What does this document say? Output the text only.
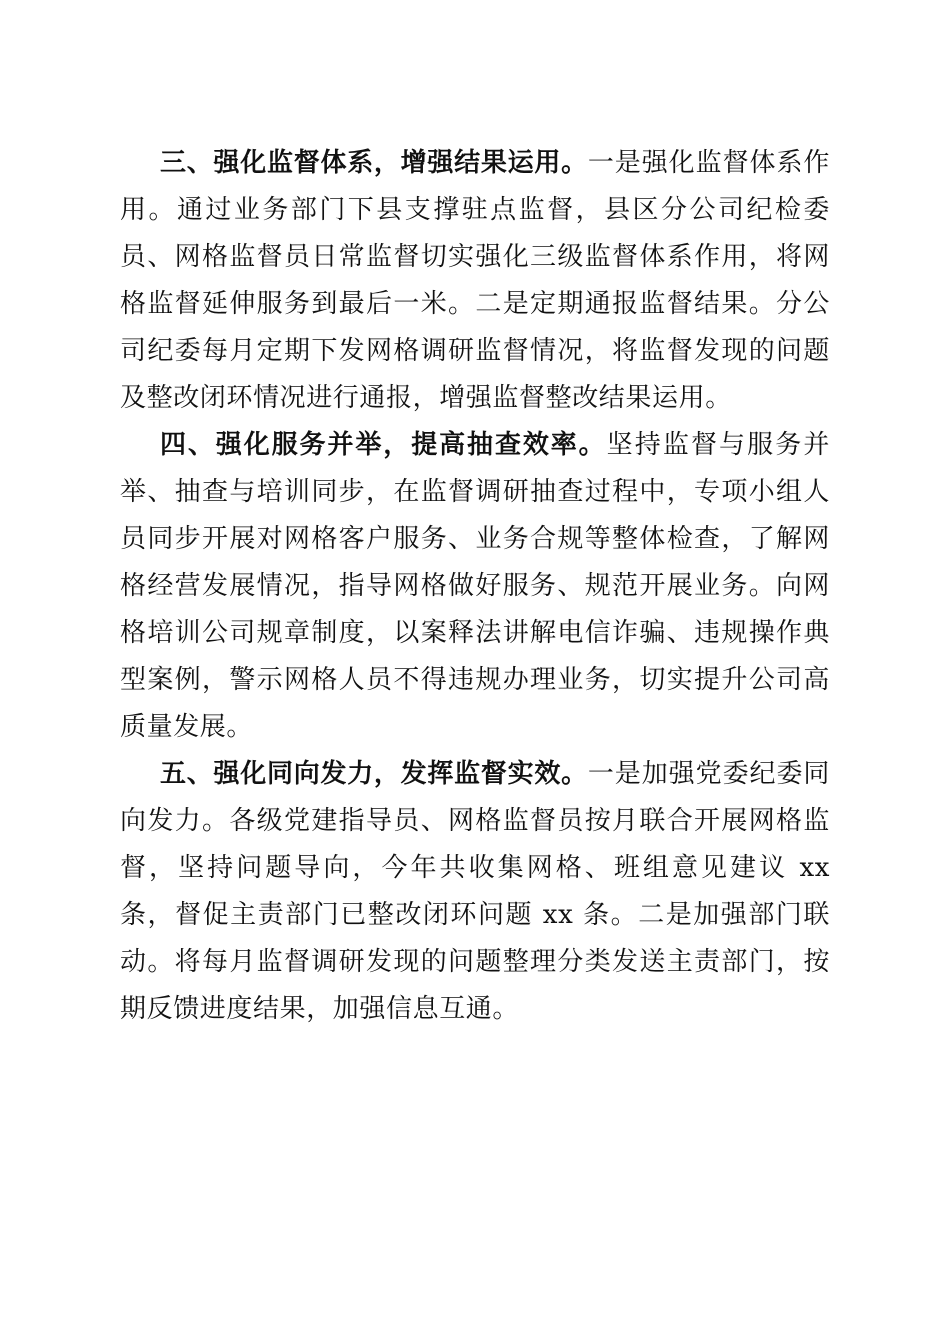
三、强化监督体系，增强结果运用。一是强化监督体系作用。通过业务部门下县支撑驻点监督，县区分公司纪检委员、网格监督员日常监督切实强化三级监督体系作用，将网格监督延伸服务到最后一米。二是定期通报监督结果。分公司纪委每月定期下发网格调研监督情况，将监督发现的问题及整改闭环情况进行通报，增强监督整改结果运用。

四、强化服务并举，提高抽查效率。坚持监督与服务并举、抽查与培训同步，在监督调研抽查过程中，专项小组人员同步开展对网格客户服务、业务合规等整体检查，了解网格经营发展情况，指导网格做好服务、规范开展业务。向网格培训公司规章制度，以案释法讲解电信诈骗、违规操作典型案例，警示网格人员不得违规办理业务，切实提升公司高质量发展。

五、强化同向发力，发挥监督实效。一是加强党委纪委同向发力。各级党建指导员、网格监督员按月联合开展网格监督，坚持问题导向，今年共收集网格、班组意见建议 xx 条，督促主责部门已整改闭环问题 xx 条。二是加强部门联动。将每月监督调研发现的问题整理分类发送主责部门，按期反馈进度结果，加强信息互通。
